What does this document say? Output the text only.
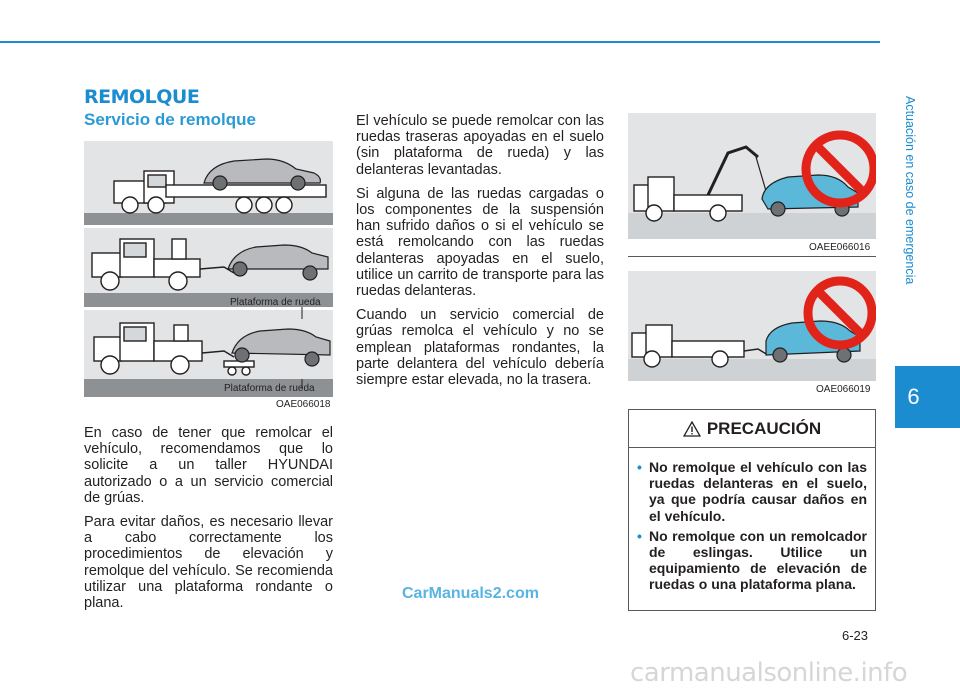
REMOLQUE
Servicio de remolque
Plataforma de rueda
Plataforma de rueda
OAE066018
OAEE066016
OAE066019

En caso de tener que remolcar el vehículo, recomendamos que lo solicite a un taller HYUNDAI autorizado o a un servicio comercial de grúas.

Para evitar daños, es necesario llevar a cabo correctamente los procedimientos de elevación y remolque del vehículo. Se recomienda utilizar una plataforma rondante o plana.

El vehículo se puede remolcar con las ruedas traseras apoyadas en el suelo (sin plataforma de rueda) y las delanteras levantadas.

Si alguna de las ruedas cargadas o los componentes de la suspensión han sufrido daños o si el vehículo se está remolcando con las ruedas delanteras apoyadas en el suelo, utilice un carrito de transporte para las ruedas delanteras.

Cuando un servicio comercial de grúas remolca el vehículo y no se emplean plataformas rondantes, la parte delantera del vehículo debería siempre estar elevada, no la trasera.

PRECAUCIÓN
• No remolque el vehículo con las ruedas delanteras en el suelo, ya que podría causar daños en el vehículo.
• No remolque con un remolcador de eslingas. Utilice un equipamiento de elevación de ruedas o una plataforma plana.
Actuación en caso de emergencia
6
6-23
CarManuals2.com
carmanualsonline.info
